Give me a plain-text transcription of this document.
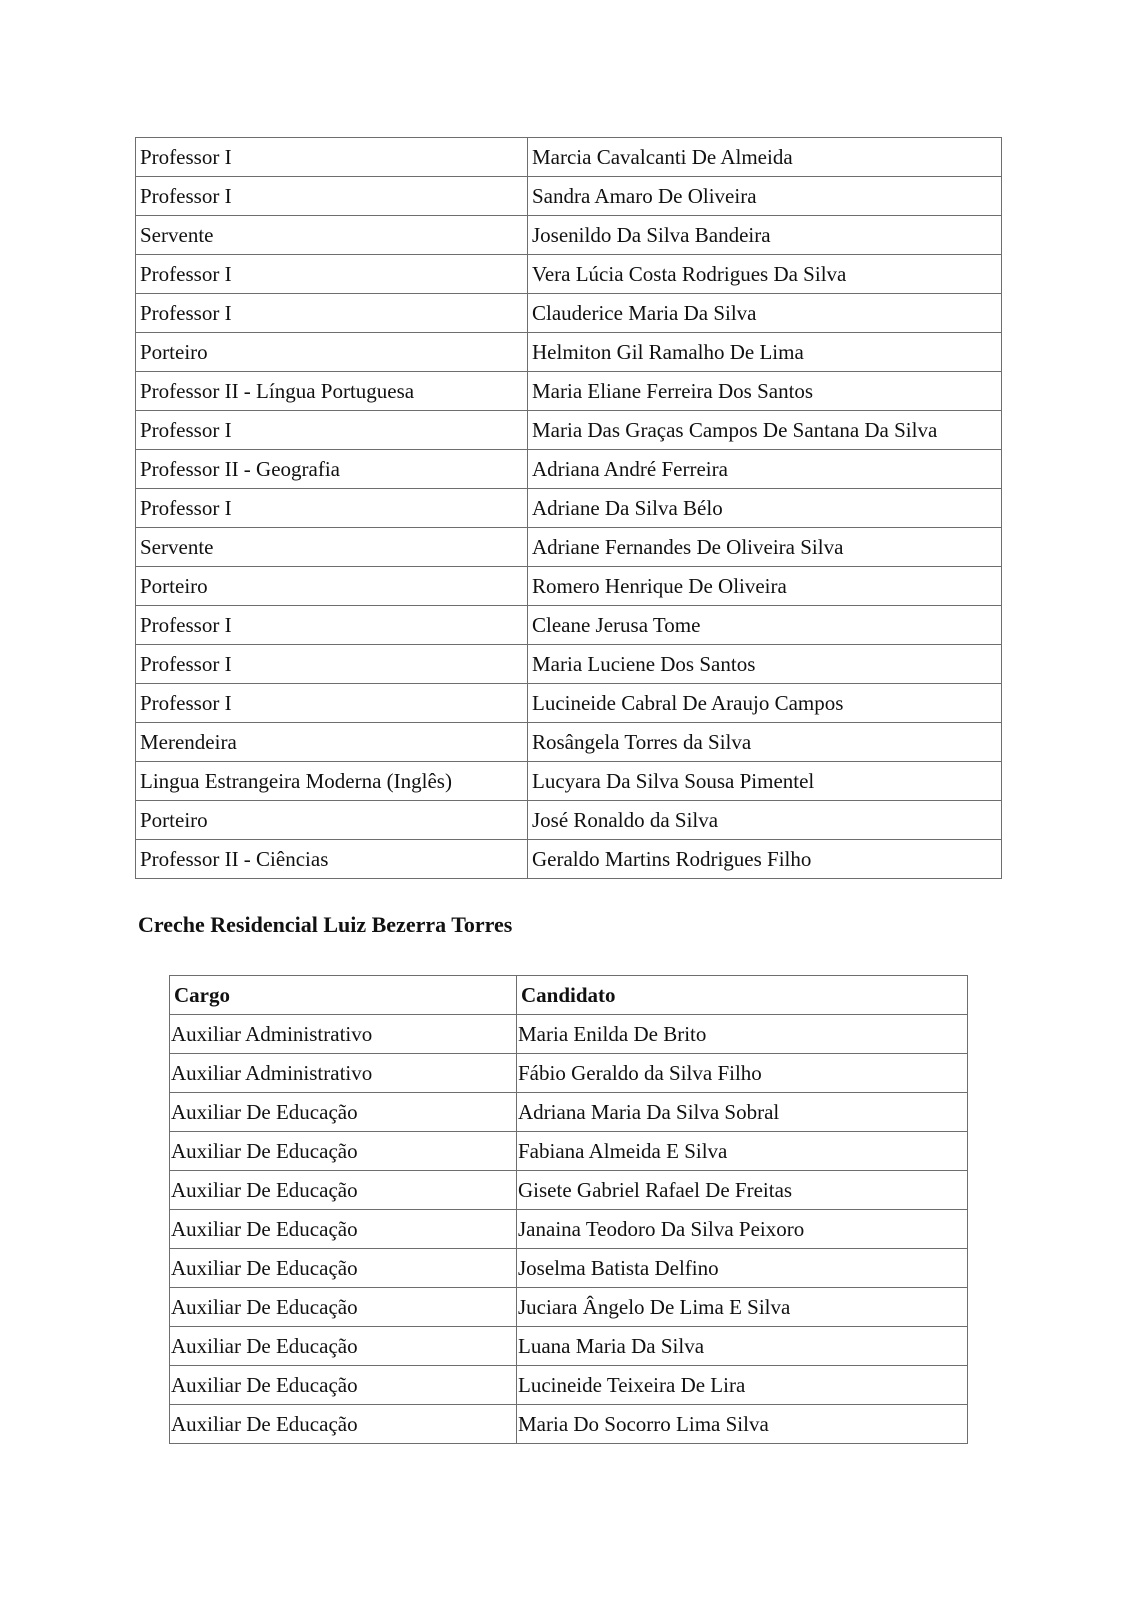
Professor I	Marcia Cavalcanti De Almeida
Professor I	Sandra Amaro De Oliveira
Servente	Josenildo Da Silva Bandeira
Professor I	Vera Lúcia Costa Rodrigues Da Silva
Professor I	Clauderice Maria Da Silva
Porteiro	Helmiton Gil Ramalho De Lima
Professor II - Língua Portuguesa	Maria Eliane Ferreira Dos Santos
Professor I	Maria Das Graças Campos De Santana Da Silva
Professor II - Geografia	Adriana André Ferreira
Professor I	Adriane Da Silva Bélo
Servente	Adriane Fernandes De Oliveira Silva
Porteiro	Romero Henrique De Oliveira
Professor I	Cleane Jerusa Tome
Professor I	Maria Luciene Dos Santos
Professor I	Lucineide Cabral De Araujo Campos
Merendeira	Rosângela Torres da Silva
Lingua Estrangeira Moderna (Inglês)	Lucyara Da Silva Sousa Pimentel
Porteiro	José Ronaldo da Silva
Professor II - Ciências	Geraldo Martins Rodrigues Filho
Creche Residencial Luiz Bezerra Torres
Cargo	Candidato
Auxiliar Administrativo	Maria Enilda De Brito
Auxiliar Administrativo	Fábio Geraldo da Silva Filho
Auxiliar De Educação	Adriana Maria Da Silva Sobral
Auxiliar De Educação	Fabiana Almeida E Silva
Auxiliar De Educação	Gisete Gabriel Rafael De Freitas
Auxiliar De Educação	Janaina Teodoro Da Silva Peixoro
Auxiliar De Educação	Joselma Batista Delfino
Auxiliar De Educação	Juciara Ângelo De Lima E Silva
Auxiliar De Educação	Luana Maria Da Silva
Auxiliar De Educação	Lucineide Teixeira De Lira
Auxiliar De Educação	Maria Do Socorro Lima Silva
